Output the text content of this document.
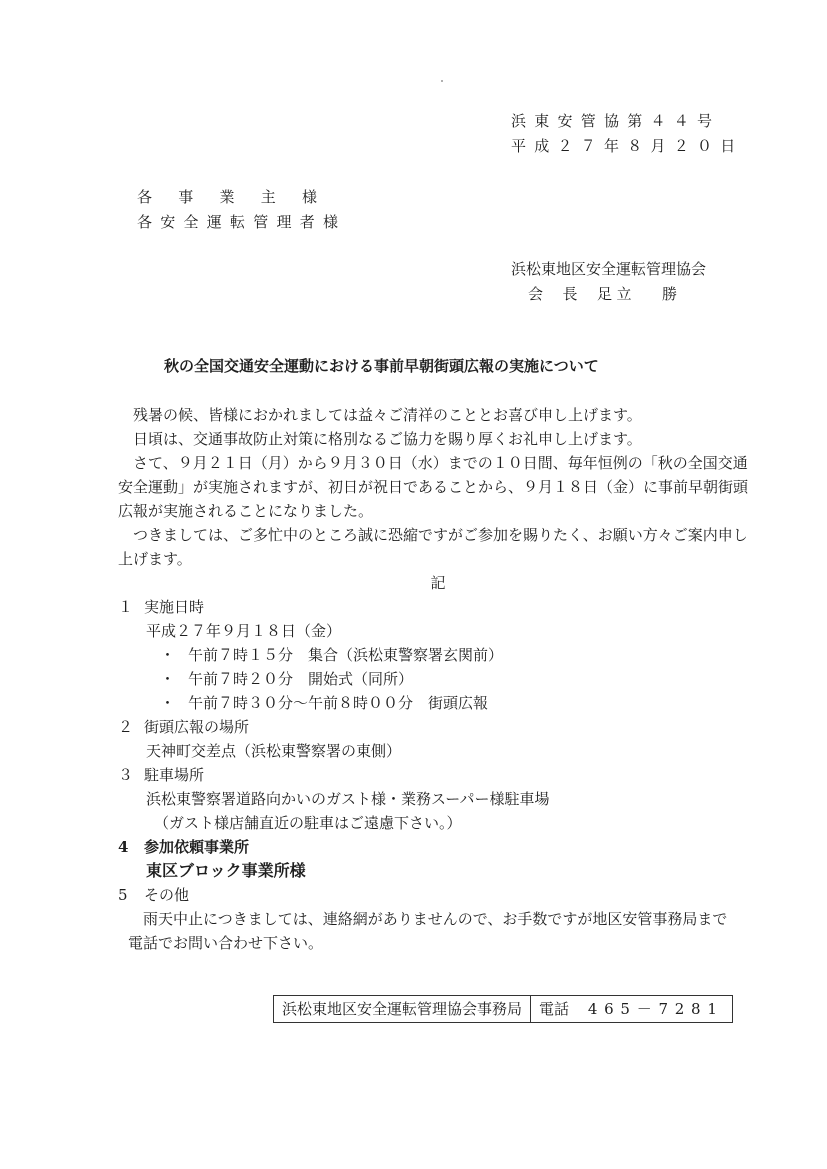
浜東安管協第４４号
平成２７年８月２０日
各事業主様
各安全運転管理者様
浜松東地区安全運転管理協会
会長足立 勝
秋の全国交通安全運動における事前早朝街頭広報の実施について

残暑の候、皆様におかれましては益々ご清祥のこととお喜び申し上げます。

日頃は、交通事故防止対策に格別なるご協力を賜り厚くお礼申し上げます。

さて、９月２１日（月）から９月３０日（水）までの１０日間、毎年恒例の「秋の全国交通安全運動」が実施されますが、初日が祝日であることから、９月１８日（金）に事前早朝街頭広報が実施されることになりました。

つきましては、ご多忙中のところ誠に恐縮ですがご参加を賜りたく、お願い方々ご案内申し上げます。

記

１ 実施日時
平成２７年９月１８日（金）
・ 午前７時１５分　集合（浜松東警察署玄関前）
・ 午前７時２０分　開始式（同所）
・ 午前７時３０分～午前８時００分　街頭広報
２ 街頭広報の場所
天神町交差点（浜松東警察署の東側）
３ 駐車場所
浜松東警察署道路向かいのガスト様・業務スーパー様駐車場
（ガスト様店舗直近の駐車はご遠慮下さい。）
4	参加依頼事業所
東区ブロック事業所様
5	その他
雨天中止につきましては、連絡網がありませんので、お手数ですが地区安管事務局まで電話でお問い合わせ下さい。
浜松東地区安全運転管理協会事務局	電話 465－7281
